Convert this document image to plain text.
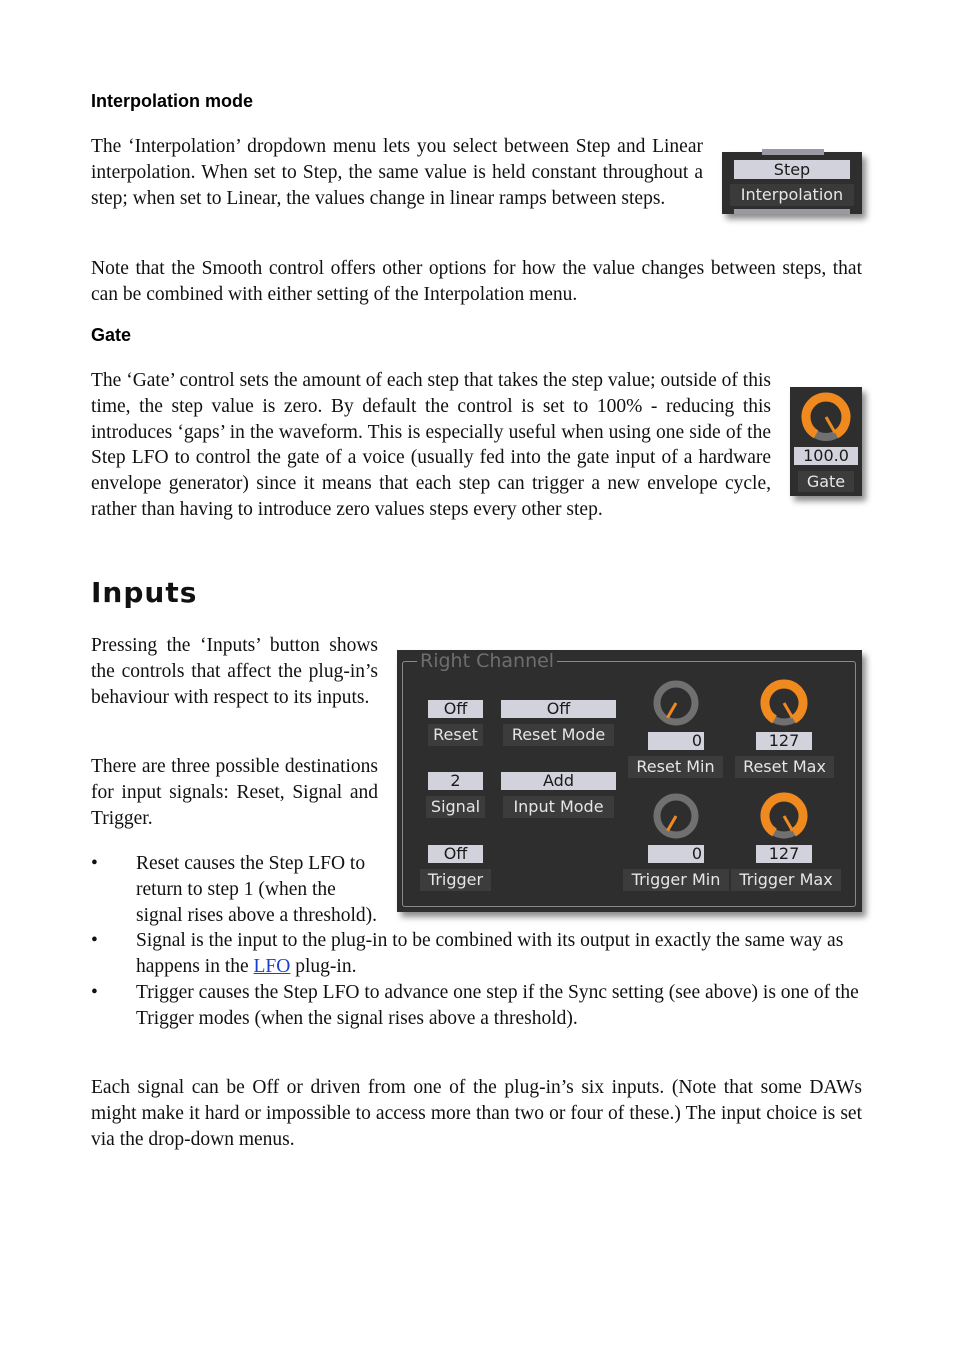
Interpolation mode

The ‘Interpolation’ dropdown menu lets you select between Step and Linear interpolation. When set to Step, the same value is held constant throughout a step; when set to Linear, the values change in linear ramps between steps.

Step
Interpolation

Note that the Smooth control offers other options for how the value changes between steps, that can be combined with either setting of the Interpolation menu.

Gate

The ‘Gate’ control sets the amount of each step that takes the step value; outside of this time, the step value is zero. By default the control is set to 100% - reducing this introduces ‘gaps’ in the waveform. This is especially useful when using one side of the Step LFO to control the gate of a voice (usually fed into the gate input of a hardware envelope generator) since it means that each step can trigger a new envelope cycle, rather than having to introduce zero values steps every other step.

100.0
Gate
Inputs

Pressing the ‘Inputs’ button shows the controls that affect the plug-in’s behaviour with respect to its inputs.

There are three possible destinations for input signals: Reset, Signal and Trigger.

• Reset causes the Step LFO to return to step 1 (when the signal rises above a threshold).
• Signal is the input to the plug-in to be combined with its output in exactly the same way as happens in the LFO plug-in.
• Trigger causes the Step LFO to advance one step if the Sync setting (see above) is one of the Trigger modes (when the signal rises above a threshold).

Each signal can be Off or driven from one of the plug-in’s six inputs. (Note that some DAWs might make it hard or impossible to access more than two or four of these.) The input choice is set via the drop-down menus.

Right Channel
Off
Reset
Off
Reset Mode
2
Signal
Add
Input Mode
Off
Trigger
0
Reset Min
127
Reset Max
0
Trigger Min
127
Trigger Max
